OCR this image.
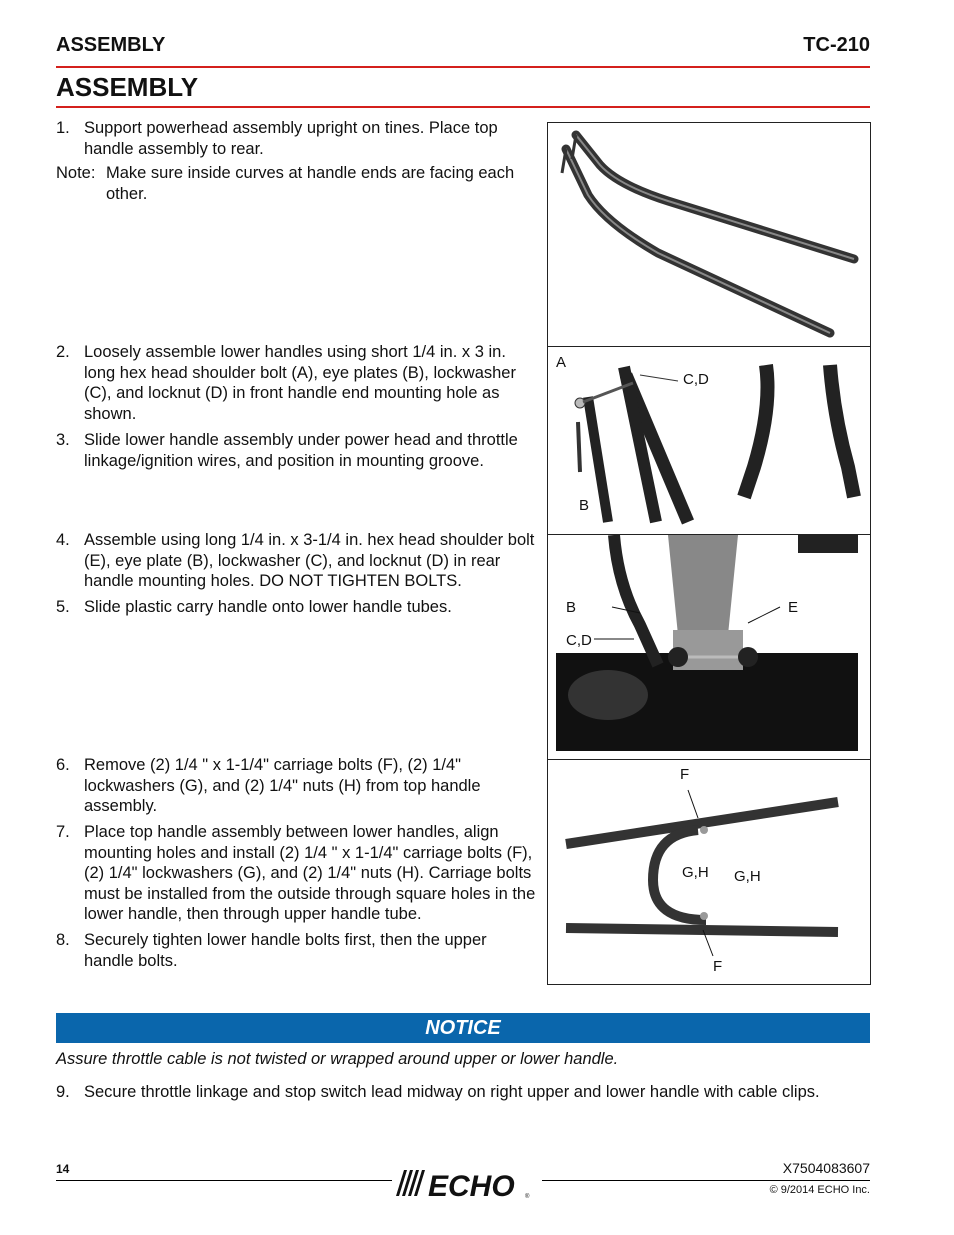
ASSEMBLY	TC-210
ASSEMBLY
1. Support powerhead assembly upright on tines. Place top handle assembly to rear.
Note: Make sure inside curves at handle ends are facing each other.
2. Loosely assemble lower handles using short 1/4 in. x 3 in. long hex head shoulder bolt (A), eye plates (B), lockwasher (C), and locknut (D) in front handle end mounting hole as shown.
3. Slide lower handle assembly under power head and throttle linkage/ignition wires, and position in mounting groove.
4. Assemble using long 1/4 in. x 3-1/4 in. hex head shoulder bolt (E), eye plate (B), lockwasher (C), and locknut (D) in rear handle mounting holes. DO NOT TIGHTEN BOLTS.
5. Slide plastic carry handle onto lower handle tubes.
6. Remove (2) 1/4 " x 1-1/4" carriage bolts (F), (2) 1/4" lockwashers (G), and (2) 1/4" nuts (H) from top handle assembly.
7. Place top handle assembly between lower handles, align mounting holes and install (2) 1/4 " x 1-1/4" carriage bolts (F), (2) 1/4" lockwashers (G), and (2) 1/4" nuts (H). Carriage bolts must be installed from the outside through square holes in the lower handle, then through upper handle tube.
8. Securely tighten lower handle bolts first, then the upper handle bolts.
A
C,D
B
B	E
C,D
F
G,H G,H
F
NOTICE
Assure throttle cable is not twisted or wrapped around upper or lower handle.
9. Secure throttle linkage and stop switch lead midway on right upper and lower handle with cable clips.
14	X7504083607
© 9/2014 ECHO Inc.
ECHO ®
